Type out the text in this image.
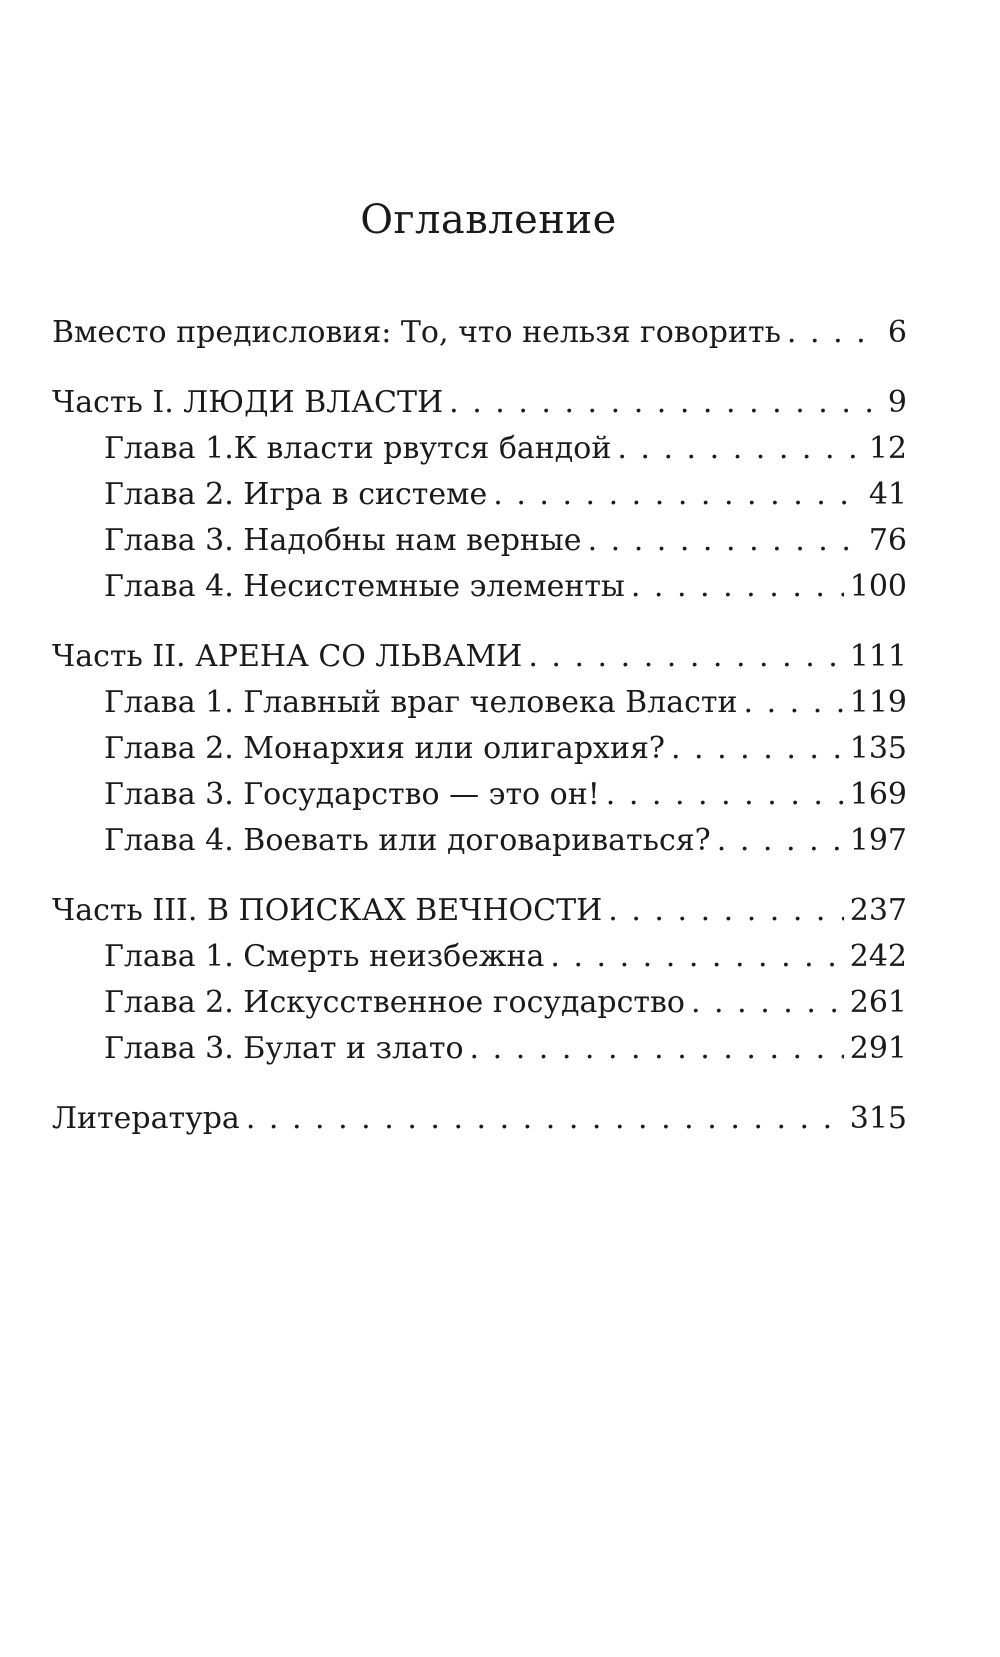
Оглавление
Вместо предисловия: То, что нельзя говорить . . .	6
Часть I. ЛЮДИ ВЛАСТИ . . .	9
Глава 1.К власти рвутся бандой . . .	12
Глава 2. Игра в системе . . .	41
Глава 3. Надобны нам верные . . .	76
Глава 4. Несистемные элементы . . .	100
Часть II. АРЕНА СО ЛЬВАМИ . . .	111
Глава 1. Главный враг человека Власти . . .	119
Глава 2. Монархия или олигархия? . . .	135
Глава 3. Государство — это он! . . .	169
Глава 4. Воевать или договариваться? . . .	197
Часть III. В ПОИСКАХ ВЕЧНОСТИ . . .	237
Глава 1. Смерть неизбежна . . .	242
Глава 2. Искусственное государство . . .	261
Глава 3. Булат и злато . . .	291
Литература . . .	315
